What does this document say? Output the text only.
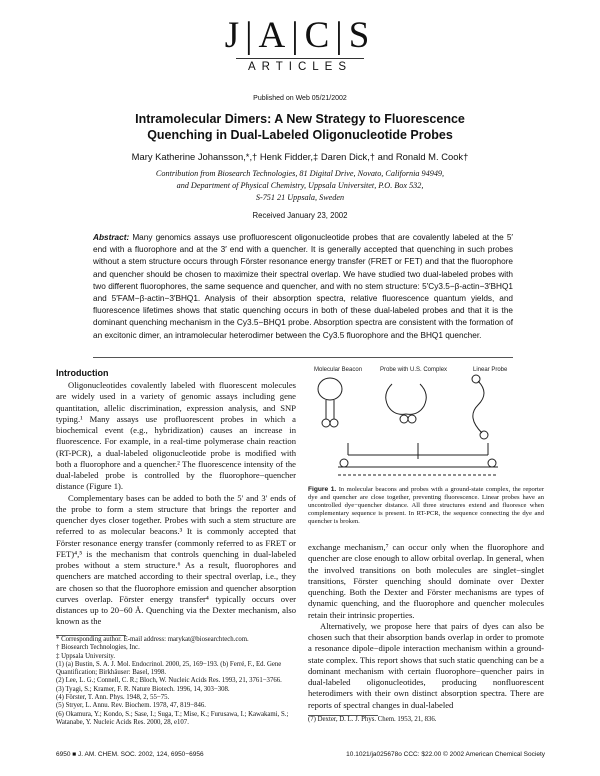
J|A|C|S
ARTICLES
Published on Web 05/21/2002
Intramolecular Dimers: A New Strategy to Fluorescence
Quenching in Dual-Labeled Oligonucleotide Probes
Mary Katherine Johansson,*,† Henk Fidder,‡ Daren Dick,† and Ronald M. Cook†
Contribution from Biosearch Technologies, 81 Digital Drive, Novato, California 94949,
and Department of Physical Chemistry, Uppsala Universitet, P.O. Box 532,
S-751 21 Uppsala, Sweden
Received January 23, 2002
Abstract: Many genomics assays use profluorescent oligonucleotide probes that are covalently labeled at the 5′ end with a fluorophore and at the 3′ end with a quencher. It is generally accepted that quenching in such probes without a stem structure occurs through Förster resonance energy transfer (FRET or FET) and that the fluorophore and quencher should be chosen to maximize their spectral overlap. We have studied two dual-labeled probes with two different fluorophores, the same sequence and quencher, and with no stem structure: 5′Cy3.5−β-actin−3′BHQ1 and 5′FAM−β-actin−3′BHQ1. Analysis of their absorption spectra, relative fluorescence quantum yields, and fluorescence lifetimes shows that static quenching occurs in both of these dual-labeled probes and that it is the dominant quenching mechanism in the Cy3.5−BHQ1 probe. Absorption spectra are consistent with the formation of an excitonic dimer, an intramolecular heterodimer between the Cy3.5 fluorophore and the BHQ1 quencher.
Introduction

Oligonucleotides covalently labeled with fluorescent molecules are widely used in a variety of genomic assays including gene quantitation, allelic discrimination, expression analysis, and SNP typing.¹ Many assays use profluorescent probes in which a biochemical event (e.g., hybridization) causes an increase in fluorescence. For example, in a real-time polymerase chain reaction (RT-PCR), a dual-labeled oligonucleotide probe is modified with both a fluorophore and a quencher.² The fluorescence intensity of the dual-labeled probe is controlled by the fluorophore−quencher distance (Figure 1).

Complementary bases can be added to both the 5′ and 3′ ends of the probe to form a stem structure that brings the reporter and quencher dyes closer together. Probes with such a stem structure are referred to as molecular beacons.³ It is commonly accepted that Förster resonance energy transfer (commonly referred to as FRET or FET)⁴,⁵ is the mechanism that controls quenching in dual-labeled probes without a stem structure.⁶ As a result, fluorophores and quenchers are matched according to their spectral overlap, i.e., they are chosen so that the fluorophore emission and quencher absorption curves overlap. Förster energy transfer⁴ typically occurs over distances up to 20−60 Å. Quenching via the Dexter mechanism, also known as the

Molecular Beacon	Probe with U.S. Complex	Linear Probe
Figure 1. In molecular beacons and probes with a ground-state complex, the reporter dye and quencher are close together, preventing fluorescence. Linear probes have an uncontrolled dye−quencher distance. All three structures extend and fluoresce when complementary sequence is present. In RT-PCR, the sequence connecting the dye and quencher is broken.

exchange mechanism,⁷ can occur only when the fluorophore and quencher are close enough to allow orbital overlap. In general, when the involved transitions on both molecules are singlet−singlet transitions, Förster quenching should dominate over Dexter quenching. Both the Dexter and Förster mechanisms are types of dynamic quenching, and the fluorophore and quencher molecules retain their intrinsic properties.

Alternatively, we propose here that pairs of dyes can also be chosen such that their absorption bands overlap in order to promote a resonance dipole−dipole interaction mechanism within a ground-state complex. This report shows that such static quenching can be a dominant mechanism with certain fluorophore−quencher pairs in dual-labeled oligonucleotides, producing nonfluorescent heterodimers with their own distinct absorption spectra. There are reports of spectral changes in dual-labeled

* Corresponding author. E-mail address: marykat@biosearchtech.com.
† Biosearch Technologies, Inc.
‡ Uppsala University.
(1) (a) Bustin, S. A. J. Mol. Endocrinol. 2000, 25, 169−193. (b) Ferré, F., Ed. Gene Quantification; Birkhäuser: Basel, 1998.
(2) Lee, L. G.; Connell, C. R.; Bloch, W. Nucleic Acids Res. 1993, 21, 3761−3766.
(3) Tyagi, S.; Kramer, F. R. Nature Biotech. 1996, 14, 303−308.
(4) Förster, T. Ann. Phys. 1948, 2, 55−75.
(5) Stryer, L. Annu. Rev. Biochem. 1978, 47, 819−846.
(6) Okamura, Y.; Kondo, S.; Sase, I.; Suga, T.; Mise, K.; Furusawa, I.; Kawakami, S.; Watanabe, Y. Nucleic Acids Res. 2000, 28, e107.	(7) Dexter, D. L. J. Phys. Chem. 1953, 21, 836.
6950 ■ J. AM. CHEM. SOC. 2002, 124, 6950−6956	10.1021/ja025678o CCC: $22.00 © 2002 American Chemical Society
